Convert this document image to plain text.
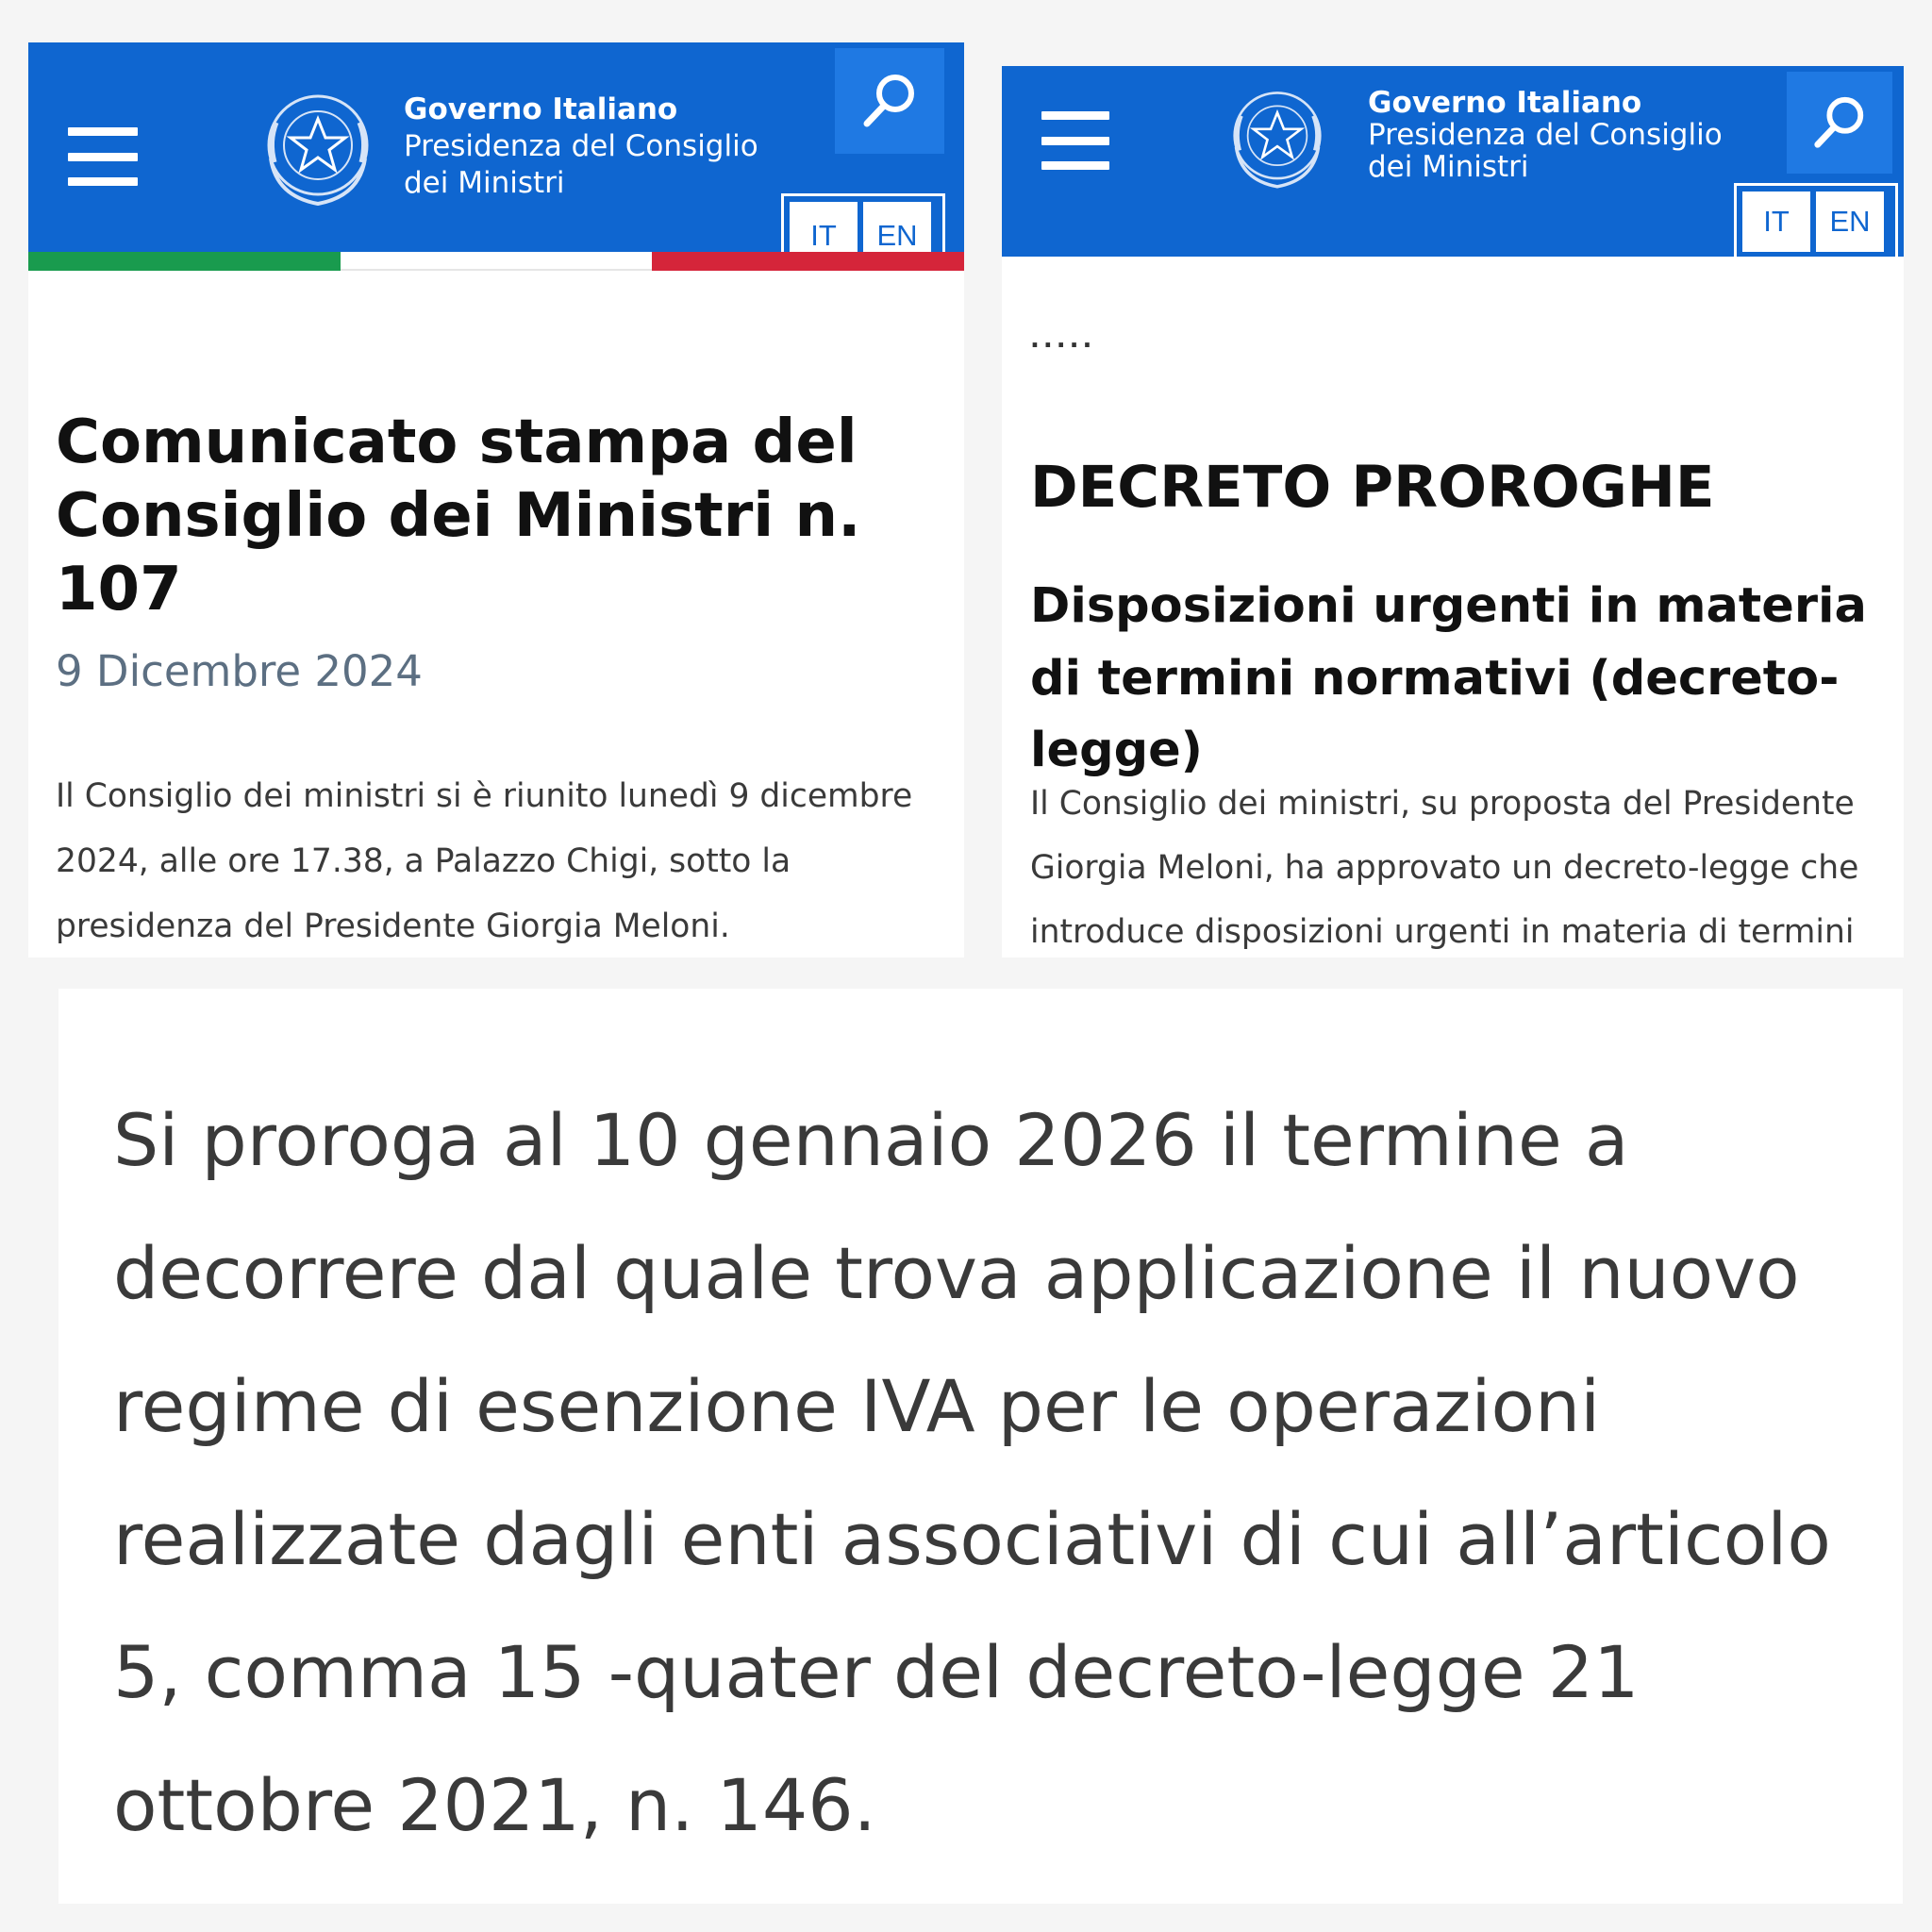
Governo Italiano
Presidenza del Consiglio
dei Ministri
IT	EN
Comunicato stampa del Consiglio dei Ministri n. 107
9 Dicembre 2024
Il Consiglio dei ministri si è riunito lunedì 9 dicembre 2024, alle ore 17.38, a Palazzo Chigi, sotto la presidenza del Presidente Giorgia Meloni.
Governo Italiano
Presidenza del Consiglio
dei Ministri
IT	EN
.....
DECRETO PROROGHE
Disposizioni urgenti in materia di termini normativi (decreto-legge)
Il Consiglio dei ministri, su proposta del Presidente Giorgia Meloni, ha approvato un decreto-legge che introduce disposizioni urgenti in materia di termini
Si proroga al 10 gennaio 2026 il termine a decorrere dal quale trova applicazione il nuovo regime di esenzione IVA per le operazioni realizzate dagli enti associativi di cui all’articolo 5, comma 15 -quater del decreto-legge 21 ottobre 2021, n. 146.
